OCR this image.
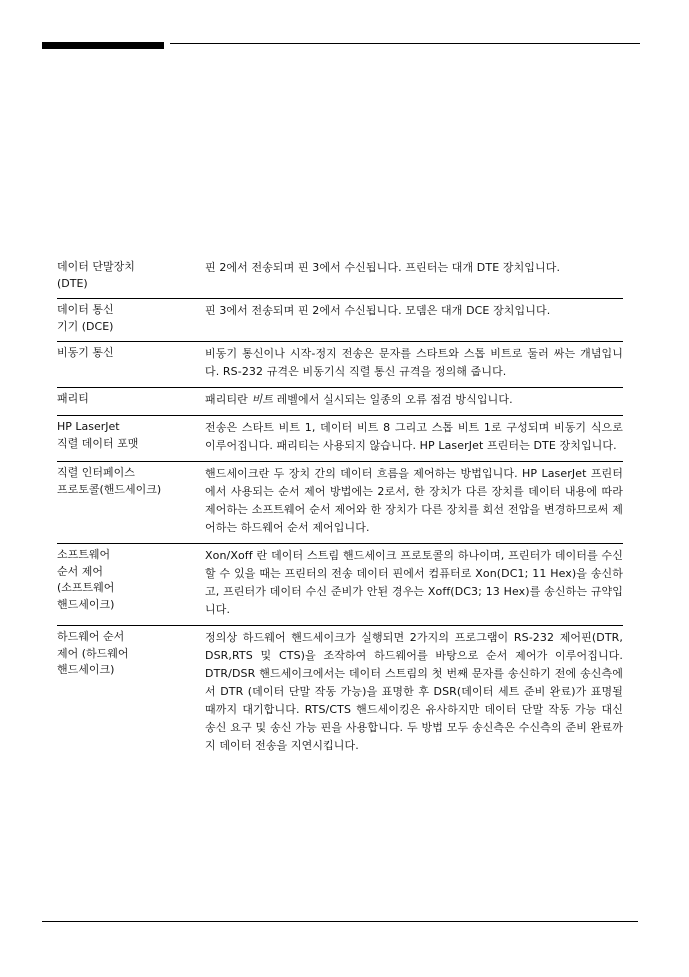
데이터 단말장치
(DTE)
핀 2에서 전송되며 핀 3에서 수신됩니다. 프린터는 대개 DTE 장치입니다.
데이터 통신
기기 (DCE)
핀 3에서 전송되며 핀 2에서 수신됩니다. 모뎀은 대개 DCE 장치입니다.
비동기 통신	비동기 통신이나 시작-정지 전송은 문자를 스타트와 스톱 비트로 둘러 싸는 개념입니다. RS-232 규격은 비동기식 직렬 통신 규격을 정의해 줍니다.
패리티	패리티란 비트 레벨에서 실시되는 일종의 오류 점검 방식입니다.
HP LaserJet
직렬 데이터 포맷
전송은 스타트 비트 1, 데이터 비트 8 그리고 스톱 비트 1로 구성되며 비동기 식으로 이루어집니다. 패리티는 사용되지 않습니다. HP LaserJet 프린터는 DTE 장치입니다.
직렬 인터페이스
프로토콜(핸드세이크)
핸드세이크란 두 장치 간의 데이터 흐름을 제어하는 방법입니다. HP LaserJet 프린터에서 사용되는 순서 제어 방법에는 2로서, 한 장치가 다른 장치를 데이터 내용에 따라 제어하는 소프트웨어 순서 제어와 한 장치가 다른 장치를 회선 전압을 변경하므로써 제어하는 하드웨어 순서 제어입니다.
소프트웨어
순서 제어
(소프트웨어
핸드세이크)
Xon/Xoff 란 데이터 스트림 핸드세이크 프로토콜의 하나이며, 프린터가 데이터를 수신할 수 있을 때는 프린터의 전송 데이터 핀에서 컴퓨터로 Xon(DC1; 11 Hex)을 송신하고, 프린터가 데이터 수신 준비가 안된 경우는 Xoff(DC3; 13 Hex)를 송신하는 규약입니다.
하드웨어 순서
제어 (하드웨어
핸드세이크)
정의상 하드웨어 핸드세이크가 실행되면 2가지의 프로그램이 RS-232 제어핀(DTR, DSR,RTS 및 CTS)을 조작하여 하드웨어를 바탕으로 순서 제어가 이루어집니다. DTR/DSR 핸드세이크에서는 데이터 스트림의 첫 번째 문자를 송신하기 전에 송신측에서 DTR (데이터 단말 작동 가능)을 표명한 후 DSR(데이터 세트 준비 완료)가 표명될 때까지 대기합니다. RTS/CTS 핸드세이킹은 유사하지만 데이터 단말 작동 가능 대신 송신 요구 및 송신 가능 핀을 사용합니다. 두 방법 모두 송신측은 수신측의 준비 완료까지 데이터 전송을 지연시킵니다.
